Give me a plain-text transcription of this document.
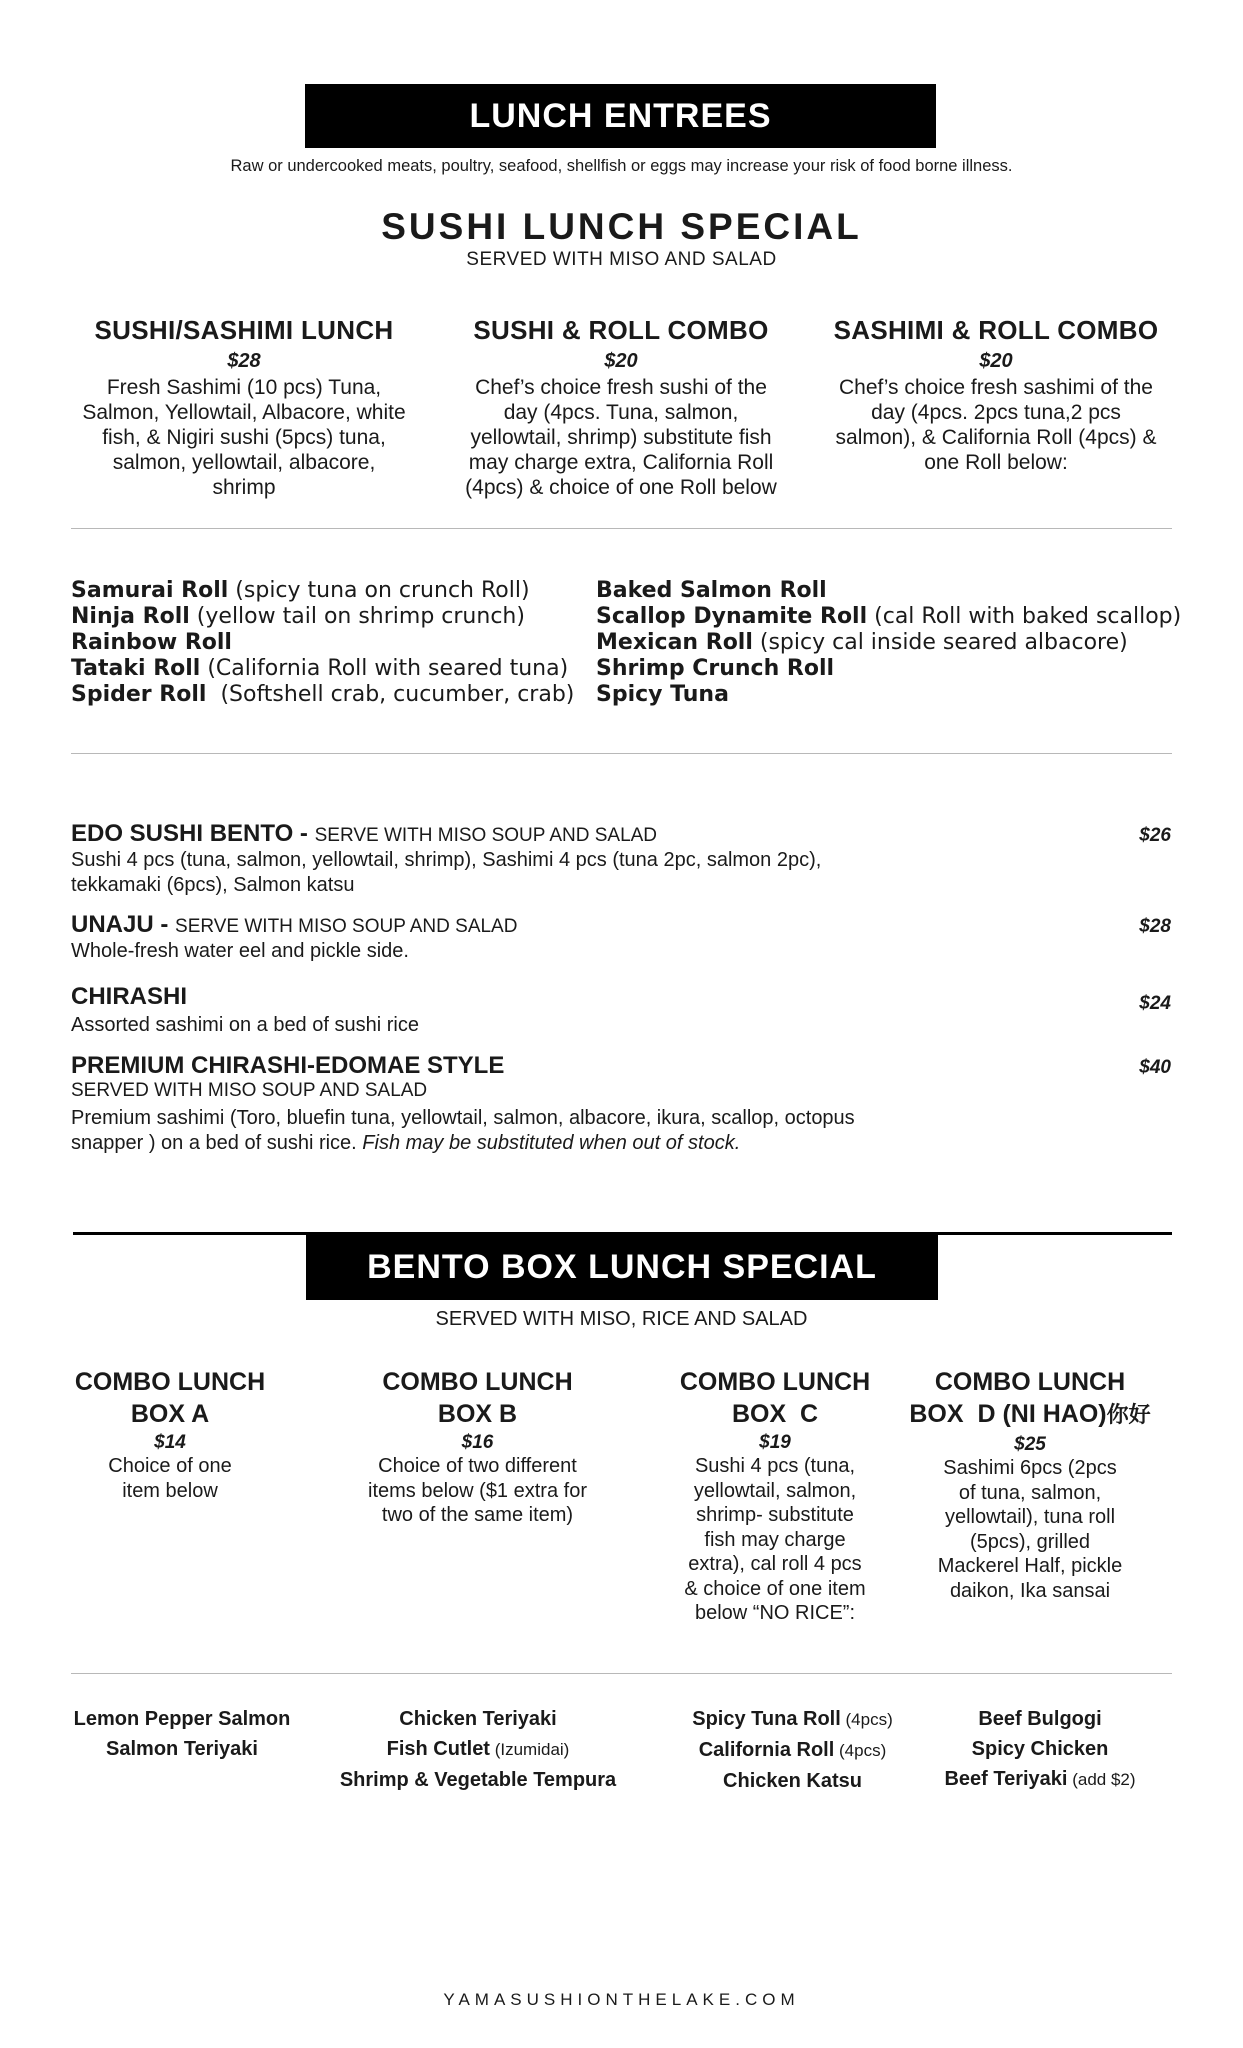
LUNCH ENTREES
Raw or undercooked meats, poultry, seafood, shellfish or eggs may increase your risk of food borne illness.
SUSHI LUNCH SPECIAL
SERVED WITH MISO AND SALAD
SUSHI/SASHIMI LUNCH
$28
Fresh Sashimi (10 pcs) Tuna, Salmon, Yellowtail, Albacore, white fish, & Nigiri sushi (5pcs) tuna, salmon, yellowtail, albacore, shrimp
SUSHI & ROLL COMBO
$20
Chef’s choice fresh sushi of the day (4pcs. Tuna, salmon, yellowtail, shrimp) substitute fish may charge extra, California Roll (4pcs) & choice of one Roll below
SASHIMI & ROLL COMBO
$20
Chef’s choice fresh sashimi of the day (4pcs. 2pcs tuna,2 pcs salmon), & California Roll (4pcs) & one Roll below:
Samurai Roll (spicy tuna on crunch Roll)
Ninja Roll (yellow tail on shrimp crunch)
Rainbow Roll
Tataki Roll (California Roll with seared tuna)
Spider Roll  (Softshell crab, cucumber, crab)
Baked Salmon Roll
Scallop Dynamite Roll (cal Roll with baked scallop)
Mexican Roll (spicy cal inside seared albacore)
Shrimp Crunch Roll
Spicy Tuna
EDO SUSHI BENTO - SERVE WITH MISO SOUP AND SALAD
Sushi 4 pcs (tuna, salmon, yellowtail, shrimp), Sashimi 4 pcs (tuna 2pc, salmon 2pc),
tekkamaki (6pcs), Salmon katsu
$26
UNAJU - SERVE WITH MISO SOUP AND SALAD
Whole-fresh water eel and pickle side.
$28
CHIRASHI
Assorted sashimi on a bed of sushi rice
$24
PREMIUM CHIRASHI-EDOMAE STYLE
SERVED WITH MISO SOUP AND SALAD
Premium sashimi (Toro, bluefin tuna, yellowtail, salmon, albacore, ikura, scallop, octopus
snapper ) on a bed of sushi rice. Fish may be substituted when out of stock.
$40
BENTO BOX LUNCH SPECIAL
SERVED WITH MISO, RICE AND SALAD
COMBO LUNCH
BOX A
$14
Choice of one item below
COMBO LUNCH
BOX B
$16
Choice of two different items below ($1 extra for two of the same item)
COMBO LUNCH
BOX  C
$19
Sushi 4 pcs (tuna, yellowtail, salmon, shrimp- substitute fish may charge extra), cal roll 4 pcs & choice of one item below “NO RICE”:
COMBO LUNCH
BOX  D (NI HAO)你好
$25
Sashimi 6pcs (2pcs of tuna, salmon, yellowtail), tuna roll (5pcs), grilled Mackerel Half, pickle daikon, Ika sansai
Lemon Pepper Salmon
Salmon Teriyaki
Chicken Teriyaki
Fish Cutlet (Izumidai)
Shrimp & Vegetable Tempura
Spicy Tuna Roll (4pcs)
California Roll (4pcs)
Chicken Katsu
Beef Bulgogi
Spicy Chicken
Beef Teriyaki (add $2)
YAMASUSHIONTHELAKE.COM
